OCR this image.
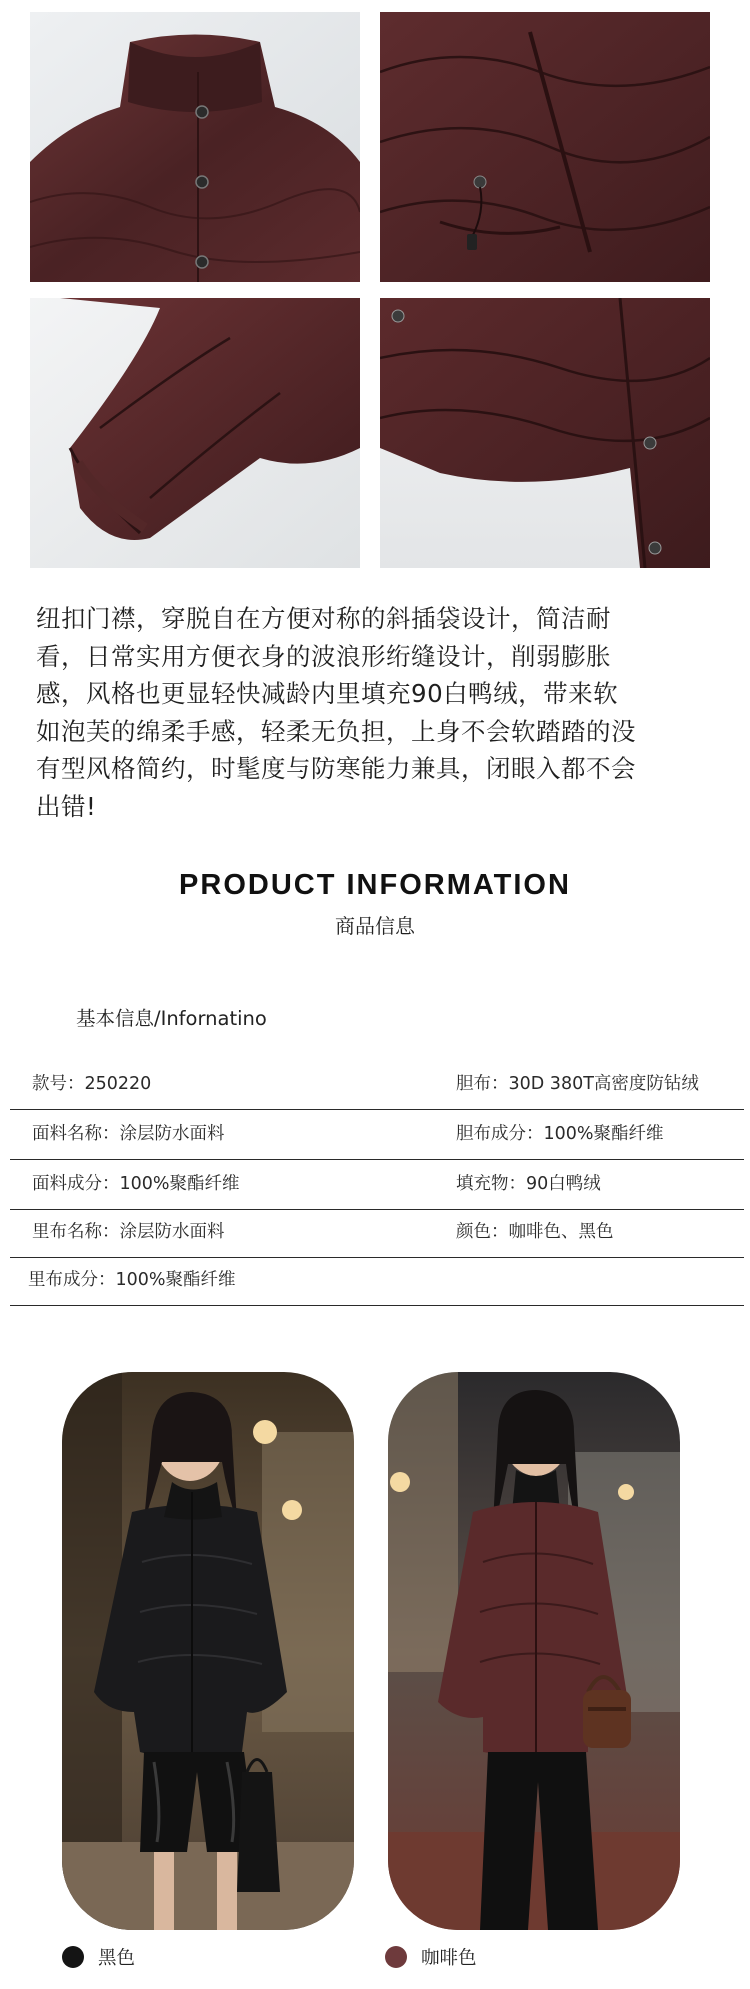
纽扣门襟，穿脱自在方便对称的斜插袋设计，简洁耐看，日常实用方便衣身的波浪形绗缝设计，削弱膨胀感，风格也更显轻快减龄内里填充90白鸭绒，带来软如泡芙的绵柔手感，轻柔无负担，上身不会软踏踏的没有型风格简约，时髦度与防寒能力兼具，闭眼入都不会出错!
PRODUCT INFORMATION
商品信息
基本信息/Infornatino
款号：250220	胆布：30D 380T高密度防钻绒
面料名称：涂层防水面料	胆布成分：100%聚酯纤维
面料成分：100%聚酯纤维	填充物：90白鸭绒
里布名称：涂层防水面料	颜色：咖啡色、黑色
里布成分：100%聚酯纤维
黑色	咖啡色
